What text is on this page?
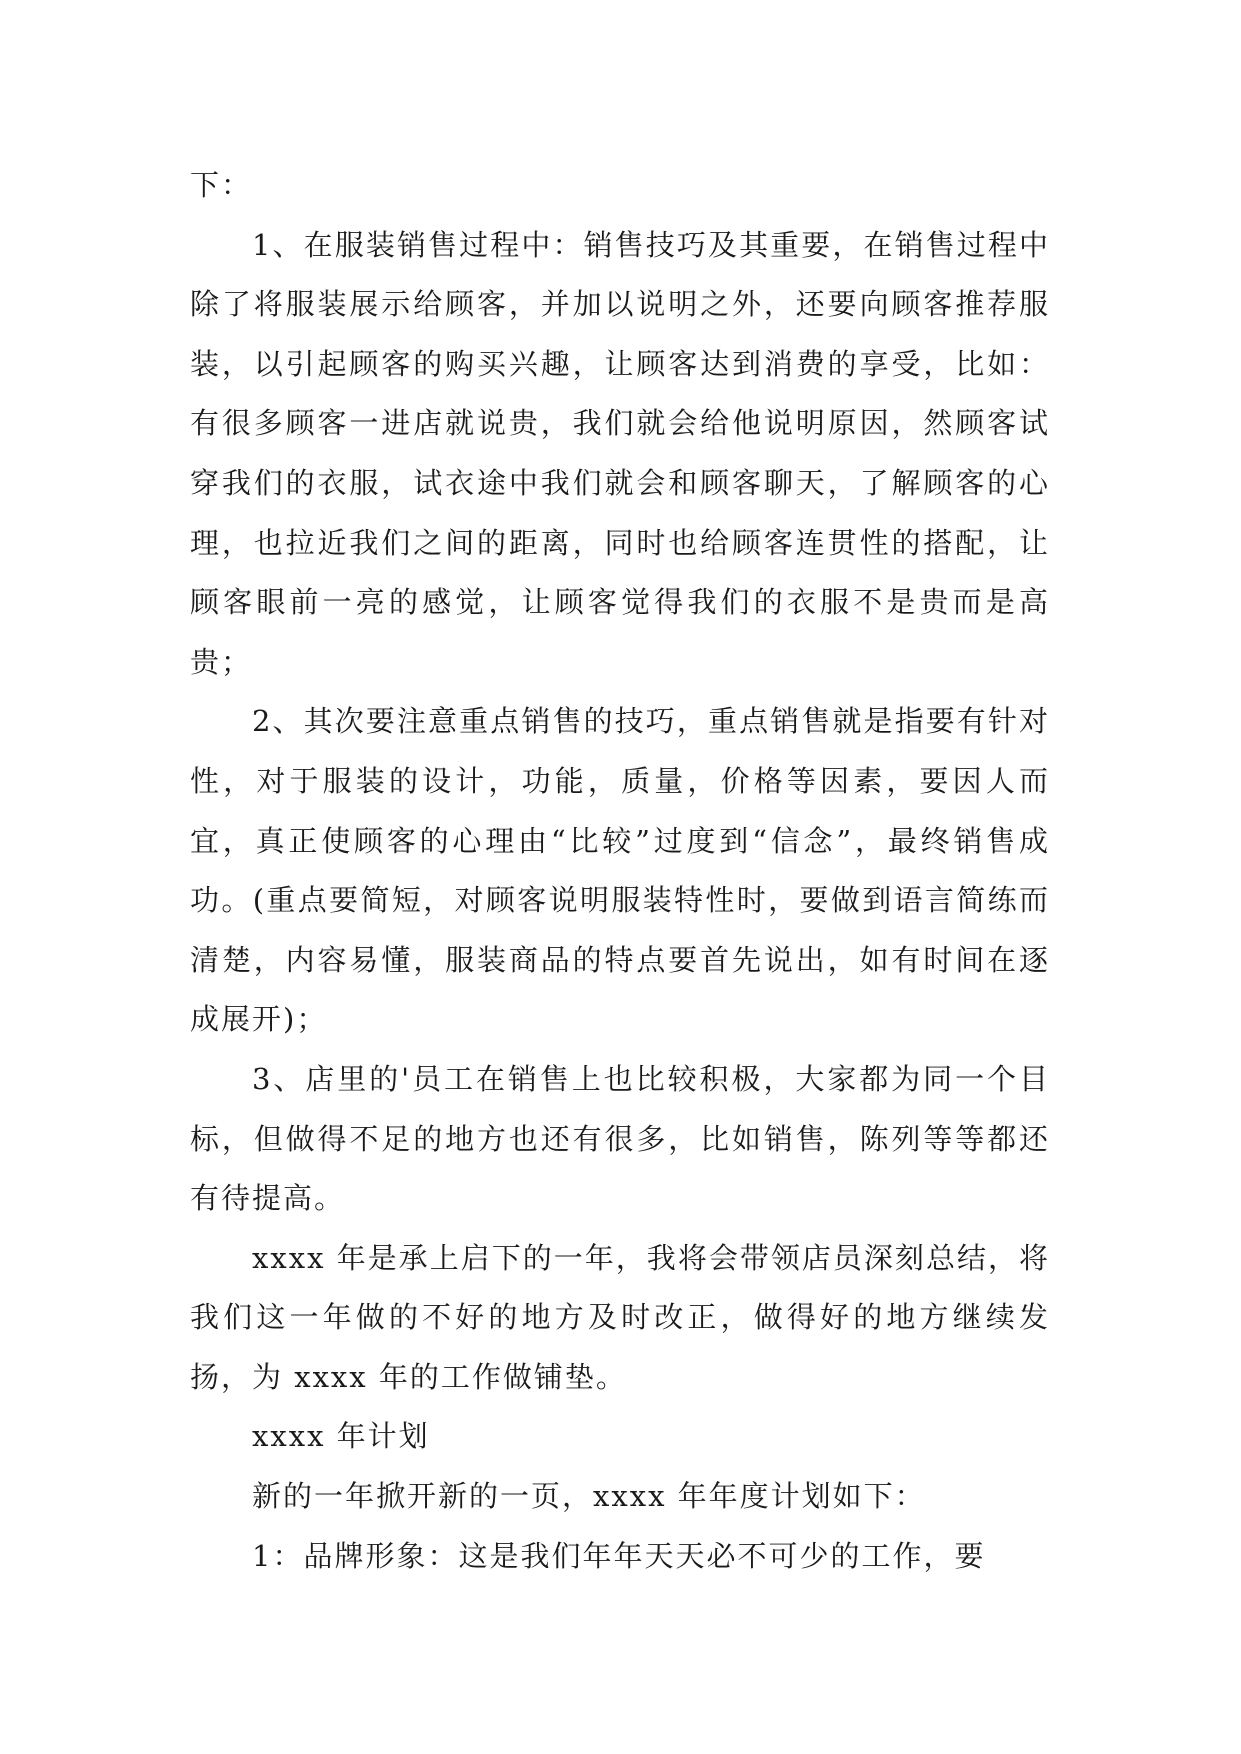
下：

1、在服装销售过程中：销售技巧及其重要，在销售过程中除了将服装展示给顾客，并加以说明之外，还要向顾客推荐服装，以引起顾客的购买兴趣，让顾客达到消费的享受，比如：有很多顾客一进店就说贵，我们就会给他说明原因，然顾客试穿我们的衣服，试衣途中我们就会和顾客聊天，了解顾客的心理，也拉近我们之间的距离，同时也给顾客连贯性的搭配，让顾客眼前一亮的感觉，让顾客觉得我们的衣服不是贵而是高贵；

2、其次要注意重点销售的技巧，重点销售就是指要有针对性，对于服装的设计，功能，质量，价格等因素，要因人而宜，真正使顾客的心理由“比较”过度到“信念”，最终销售成功。(重点要简短，对顾客说明服装特性时，要做到语言简练而清楚，内容易懂，服装商品的特点要首先说出，如有时间在逐成展开)；

3、店里的'员工在销售上也比较积极，大家都为同一个目标，但做得不足的地方也还有很多，比如销售，陈列等等都还有待提高。

xxxx 年是承上启下的一年，我将会带领店员深刻总结，将我们这一年做的不好的地方及时改正，做得好的地方继续发扬，为 xxxx 年的工作做铺垫。

xxxx 年计划

新的一年掀开新的一页，xxxx 年年度计划如下：

1：品牌形象：这是我们年年天天必不可少的工作，要
